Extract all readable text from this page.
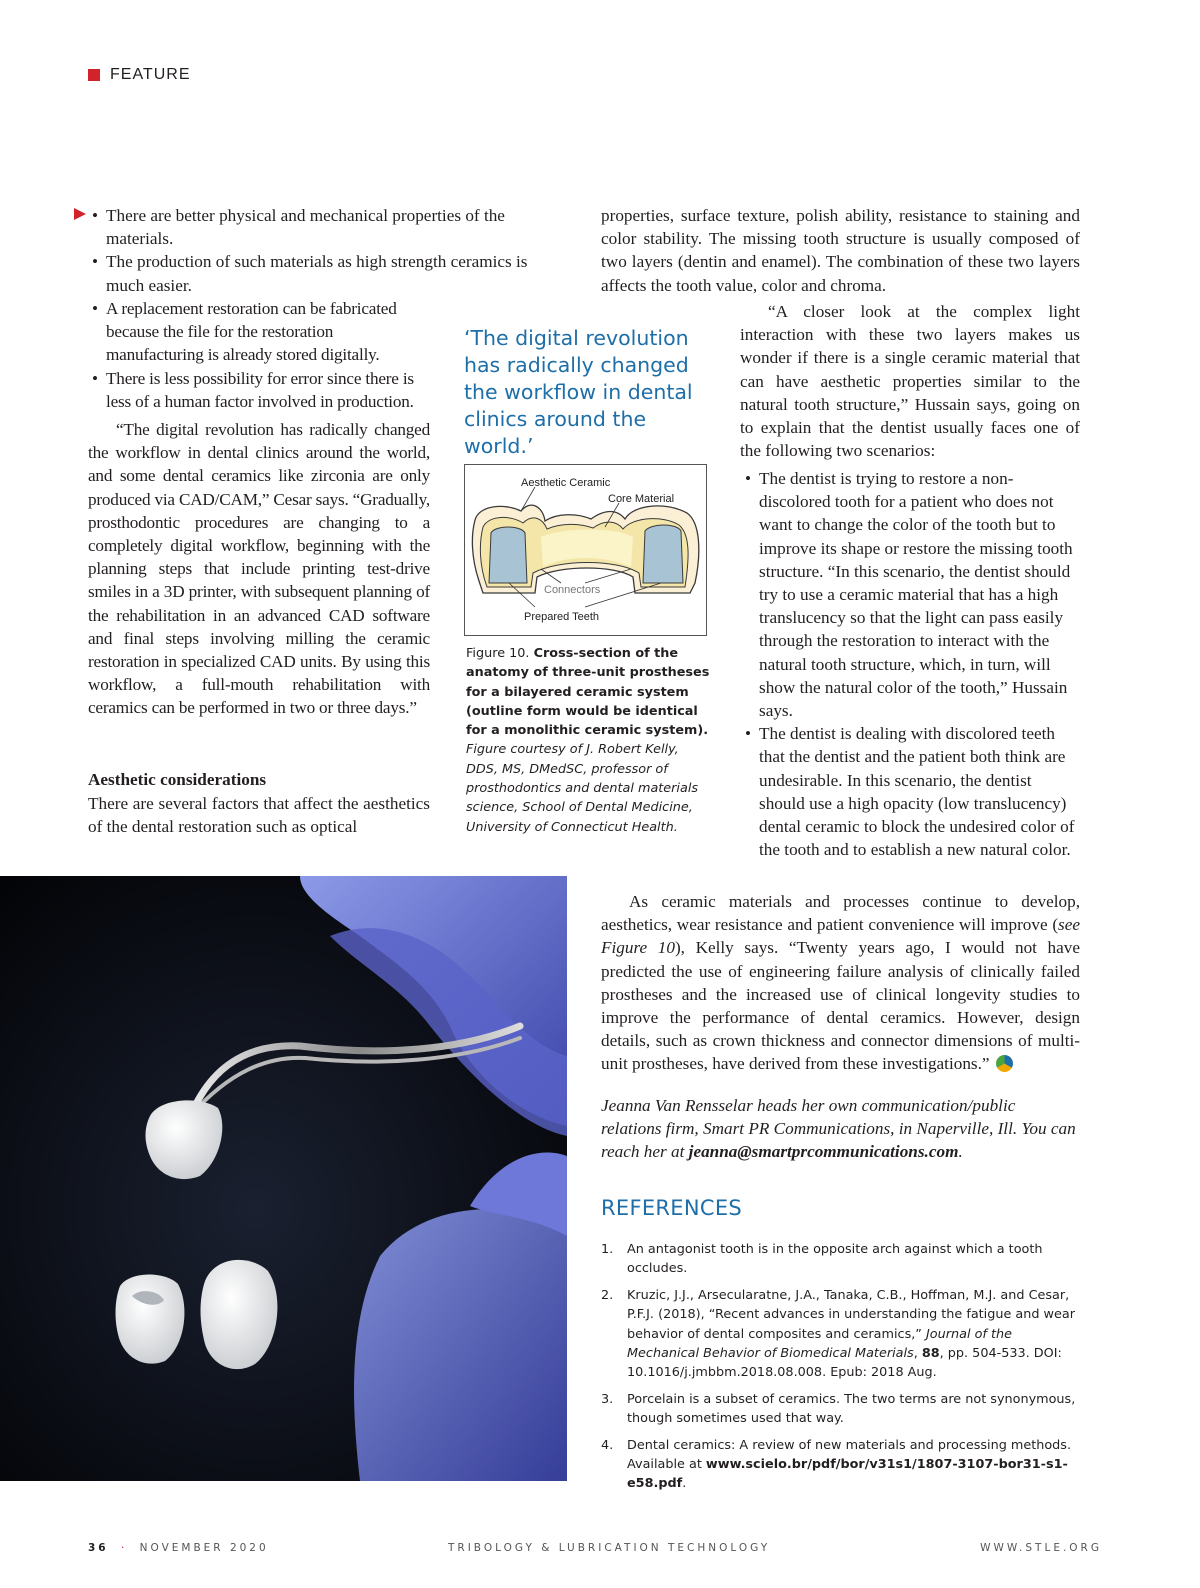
FEATURE
• There are better physical and mechanical properties of the materials.
• The production of such materials as high strength ceramics is much easier.
• A replacement restoration can be fabricated because the file for the restoration manufacturing is already stored digitally.
• There is less possibility for error since there is less of a human factor involved in production.

“The digital revolution has radically changed the workflow in dental clinics around the world, and some dental ceramics like zirconia are only produced via CAD/CAM,” Cesar says. “Gradually, prosthodontic procedures are changing to a completely digital workflow, beginning with the planning steps that include printing test-drive smiles in a 3D printer, with subsequent planning of the rehabilitation in an advanced CAD software and final steps involving milling the ceramic restoration in specialized CAD units. By using this workflow, a full-mouth rehabilitation with ceramics can be performed in two or three days.”

Aesthetic considerations

There are several factors that affect the aesthetics of the dental restoration such as optical

‘The digital revolution has radically changed the workflow in dental clinics around the world.’
Aesthetic Ceramic
Core Material
Connectors
Prepared Teeth
Figure 10. Cross-section of the anatomy of three-unit prostheses for a bilayered ceramic system (outline form would be identical for a monolithic ceramic system). Figure courtesy of J. Robert Kelly, DDS, MS, DMedSC, professor of prosthodontics and dental materials science, School of Dental Medicine, University of Connecticut Health.

properties, surface texture, polish ability, resistance to staining and color stability. The missing tooth structure is usually composed of two layers (dentin and enamel). The combination of these two layers affects the tooth value, color and chroma.

“A closer look at the complex light interaction with these two layers makes us wonder if there is a single ceramic material that can have aesthetic properties similar to the natural tooth structure,” Hussain says, going on to explain that the dentist usually faces one of the following two scenarios:

• The dentist is trying to restore a non-discolored tooth for a patient who does not want to change the color of the tooth but to improve its shape or restore the missing tooth structure. “In this scenario, the dentist should try to use a ceramic material that has a high translucency so that the light can pass easily through the restoration to interact with the natural tooth structure, which, in turn, will show the natural color of the tooth,” Hussain says.
• The dentist is dealing with discolored teeth that the dentist and the patient both think are undesirable. In this scenario, the dentist should use a high opacity (low translucency) dental ceramic to block the undesired color of the tooth and to establish a new natural color.

As ceramic materials and processes continue to develop, aesthetics, wear resistance and patient convenience will improve (see Figure 10), Kelly says. “Twenty years ago, I would not have predicted the use of engineering failure analysis of clinically failed prostheses and the increased use of clinical longevity studies to improve the performance of dental ceramics. However, design details, such as crown thickness and connector dimensions of multi-unit prostheses, have derived from these investigations.”

Jeanna Van Rensselar heads her own communication/public relations firm, Smart PR Communications, in Naperville, Ill. You can reach her at jeanna@smartprcommunications.com.

REFERENCES
1. An antagonist tooth is in the opposite arch against which a tooth occludes.
2. Kruzic, J.J., Arsecularatne, J.A., Tanaka, C.B., Hoffman, M.J. and Cesar, P.F.J. (2018), “Recent advances in understanding the fatigue and wear behavior of dental composites and ceramics,” Journal of the Mechanical Behavior of Biomedical Materials, 88, pp. 504-533. DOI: 10.1016/j.jmbbm.2018.08.008. Epub: 2018 Aug.
3. Porcelain is a subset of ceramics. The two terms are not synonymous, though sometimes used that way.
4. Dental ceramics: A review of new materials and processing methods. Available at www.scielo.br/pdf/bor/v31s1/1807-3107-bor31-s1-e58.pdf.
36 · NOVEMBER 2020	TRIBOLOGY & LUBRICATION TECHNOLOGY	WWW.STLE.ORG
